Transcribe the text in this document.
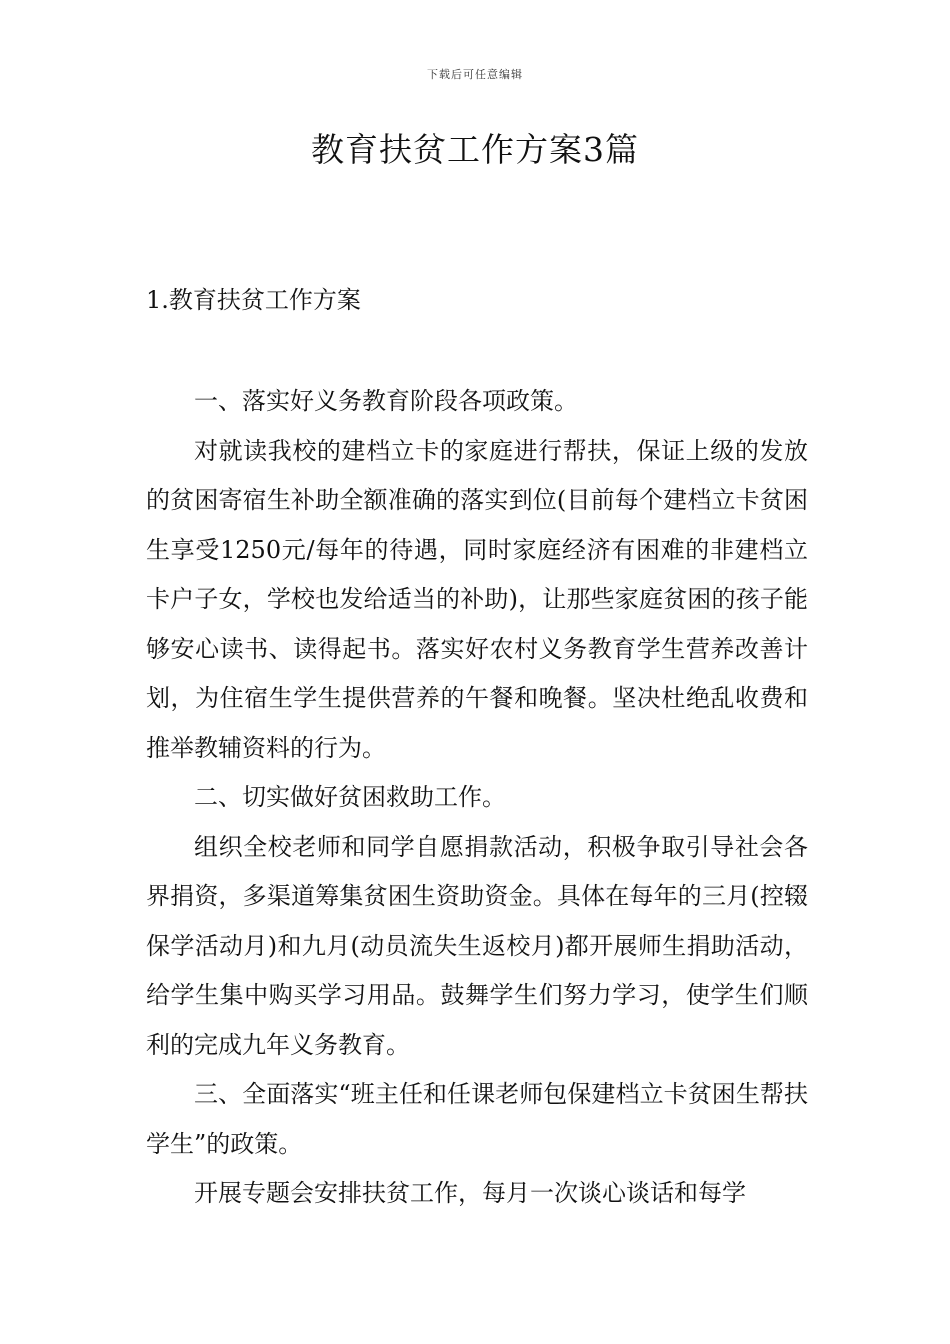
下载后可任意编辑
教育扶贫工作方案3篇
1.教育扶贫工作方案

一、落实好义务教育阶段各项政策。

对就读我校的建档立卡的家庭进行帮扶，保证上级的发放的贫困寄宿生补助全额准确的落实到位(目前每个建档立卡贫困生享受1250元/每年的待遇，同时家庭经济有困难的非建档立卡户子女，学校也发给适当的补助)，让那些家庭贫困的孩子能够安心读书、读得起书。落实好农村义务教育学生营养改善计划，为住宿生学生提供营养的午餐和晚餐。坚决杜绝乱收费和推举教辅资料的行为。

二、切实做好贫困救助工作。

组织全校老师和同学自愿捐款活动，积极争取引导社会各界捐资，多渠道筹集贫困生资助资金。具体在每年的三月(控辍保学活动月)和九月(动员流失生返校月)都开展师生捐助活动，给学生集中购买学习用品。鼓舞学生们努力学习，使学生们顺利的完成九年义务教育。

三、全面落实“班主任和任课老师包保建档立卡贫困生帮扶学生”的政策。

开展专题会安排扶贫工作，每月一次谈心谈话和每学
